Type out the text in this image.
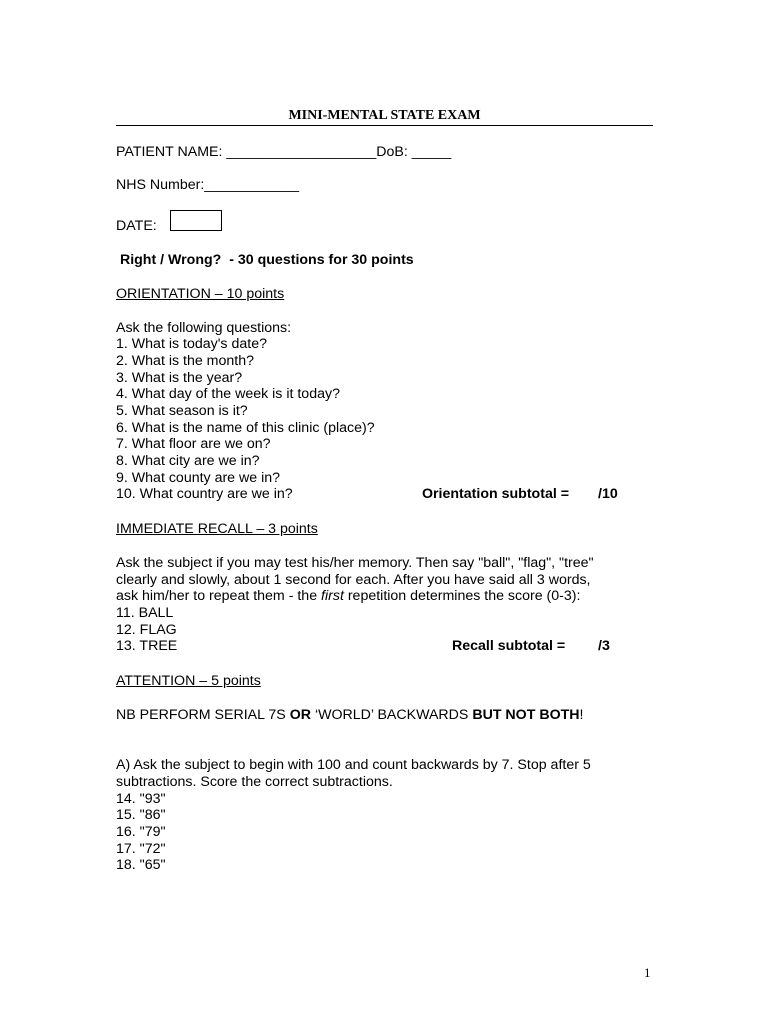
MINI-MENTAL STATE EXAM
PATIENT NAME: ___________________DoB: _____
NHS Number:____________
DATE:
Right / Wrong?  - 30 questions for 30 points
ORIENTATION – 10 points
Ask the following questions:
1. What is today's date?
2. What is the month?
3. What is the year?
4. What day of the week is it today?
5. What season is it?
6. What is the name of this clinic (place)?
7. What floor are we on?
8. What city are we in?
9. What county are we in?
10. What country are we in?	Orientation subtotal = /10
IMMEDIATE RECALL – 3 points
Ask the subject if you may test his/her memory. Then say "ball", "flag", "tree"
clearly and slowly, about 1 second for each. After you have said all 3 words,
ask him/her to repeat them - the first repetition determines the score (0-3):
11. BALL
12. FLAG
13. TREE	Recall subtotal = /3
ATTENTION – 5 points
NB PERFORM SERIAL 7S OR ‘WORLD’ BACKWARDS BUT NOT BOTH!
A) Ask the subject to begin with 100 and count backwards by 7. Stop after 5
subtractions. Score the correct subtractions.
14. "93"
15. "86"
16. "79"
17. "72"
18. "65"
1
